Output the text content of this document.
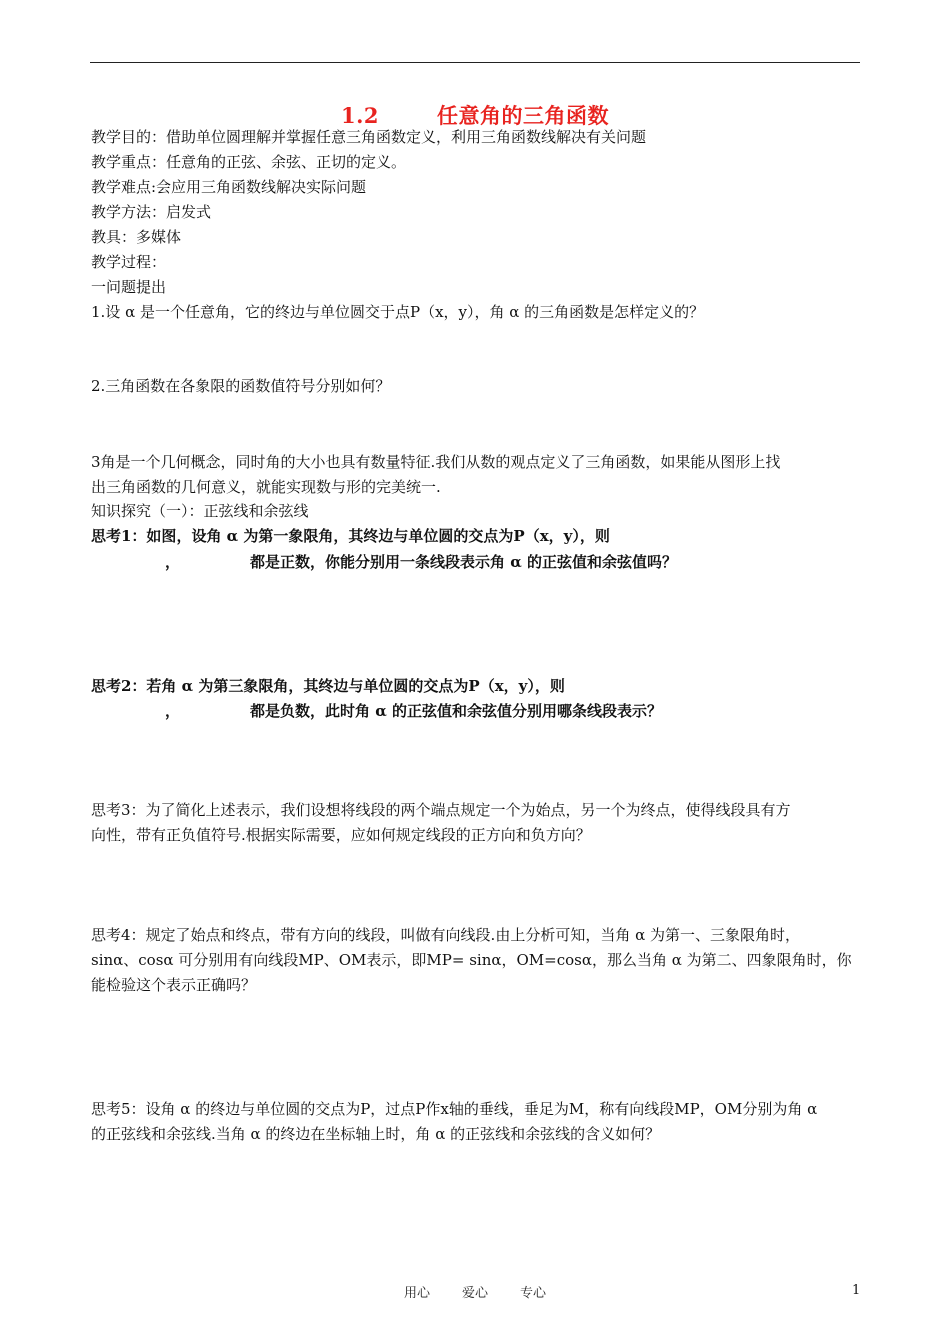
1.2	任意角的三角函数
教学目的：借助单位圆理解并掌握任意三角函数定义，利用三角函数线解决有关问题
教学重点：任意角的正弦、余弦、正切的定义。
教学难点:会应用三角函数线解决实际问题
教学方法：启发式
教具：多媒体
教学过程：
一问题提出
1.设 α 是一个任意角，它的终边与单位圆交于点P（x，y），角 α 的三角函数是怎样定义的？
2.三角函数在各象限的函数值符号分别如何？
3角是一个几何概念，同时角的大小也具有数量特征.我们从数的观点定义了三角函数，如果能从图形上找
出三角函数的几何意义，就能实现数与形的完美统一.
知识探究（一）：正弦线和余弦线
思考1：如图，设角 α 为第一象限角，其终边与单位圆的交点为P（x，y），则
，	都是正数，你能分别用一条线段表示角 α 的正弦值和余弦值吗？
思考2：若角 α 为第三象限角，其终边与单位圆的交点为P（x，y），则
，	都是负数，此时角 α 的正弦值和余弦值分别用哪条线段表示？
思考3：为了简化上述表示，我们设想将线段的两个端点规定一个为始点，另一个为终点，使得线段具有方
向性，带有正负值符号.根据实际需要，应如何规定线段的正方向和负方向？
思考4：规定了始点和终点，带有方向的线段，叫做有向线段.由上分析可知，当角 α 为第一、三象限角时，
sinα、cosα 可分别用有向线段MP、OM表示，即MP= sinα，OM=cosα，那么当角 α 为第二、四象限角时，你
能检验这个表示正确吗？
思考5：设角 α 的终边与单位圆的交点为P，过点P作x轴的垂线，垂足为M，称有向线段MP，OM分别为角 α
的正弦线和余弦线.当角 α 的终边在坐标轴上时，角 α 的正弦线和余弦线的含义如何？
用心 爱心 专心	1
